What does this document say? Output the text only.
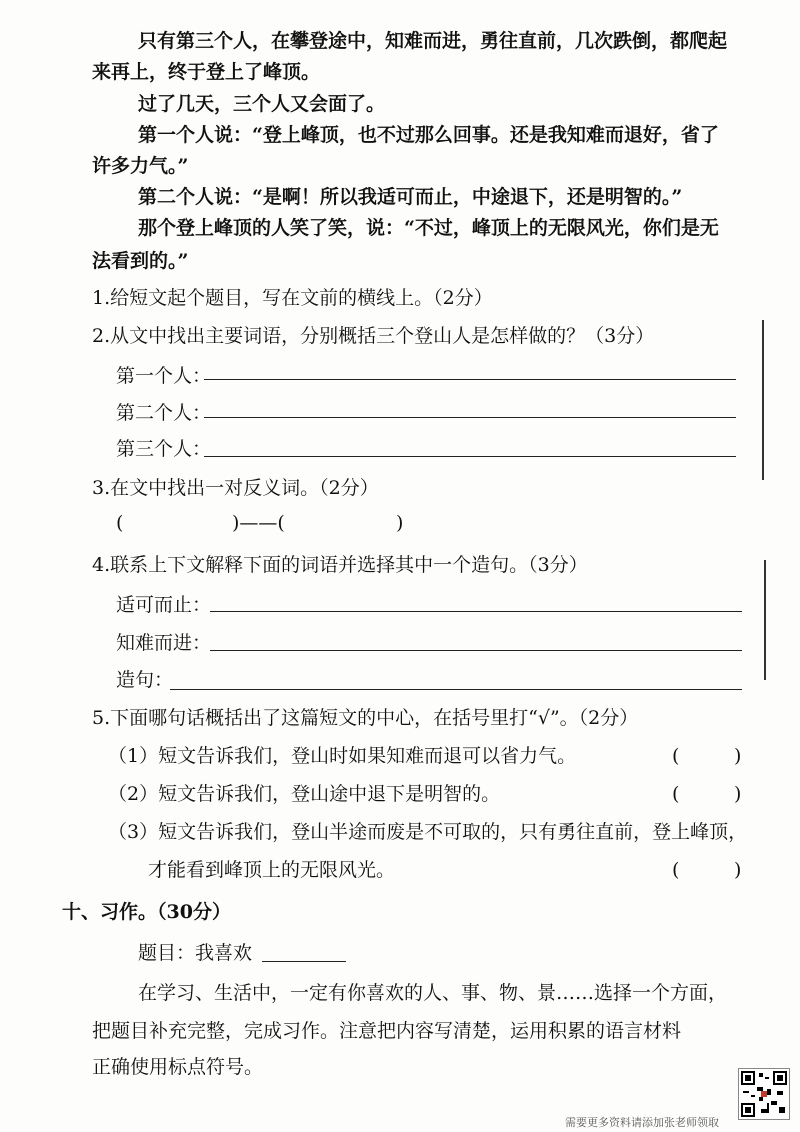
只有第三个人，在攀登途中，知难而进，勇往直前，几次跌倒，都爬起
来再上，终于登上了峰顶。
过了几天，三个人又会面了。
第一个人说：“登上峰顶，也不过那么回事。还是我知难而退好，省了
许多力气。”
第二个人说：“是啊！所以我适可而止，中途退下，还是明智的。”
那个登上峰顶的人笑了笑，说：“不过，峰顶上的无限风光，你们是无
法看到的。”
1.给短文起个题目，写在文前的横线上。（2分）
2.从文中找出主要词语，分别概括三个登山人是怎样做的？（3分）
第一个人：
第二个人：
第三个人：
3.在文中找出一对反义词。（2分）
(	)——(	)
4.联系上下文解释下面的词语并选择其中一个造句。（3分）
适可而止：
知难而进：
造句：
5.下面哪句话概括出了这篇短文的中心，在括号里打“√”。（2分）
（1）短文告诉我们，登山时如果知难而退可以省力气。	(	)
（2）短文告诉我们，登山途中退下是明智的。	(	)
（3）短文告诉我们，登山半途而废是不可取的，只有勇往直前，登上峰顶，
才能看到峰顶上的无限风光。	(	)
十、习作。（30分）
题目：我喜欢
在学习、生活中，一定有你喜欢的人、事、物、景……选择一个方面，
把题目补充完整，完成习作。注意把内容写清楚，运用积累的语言材料
正确使用标点符号。
需要更多资料请添加张老师领取
